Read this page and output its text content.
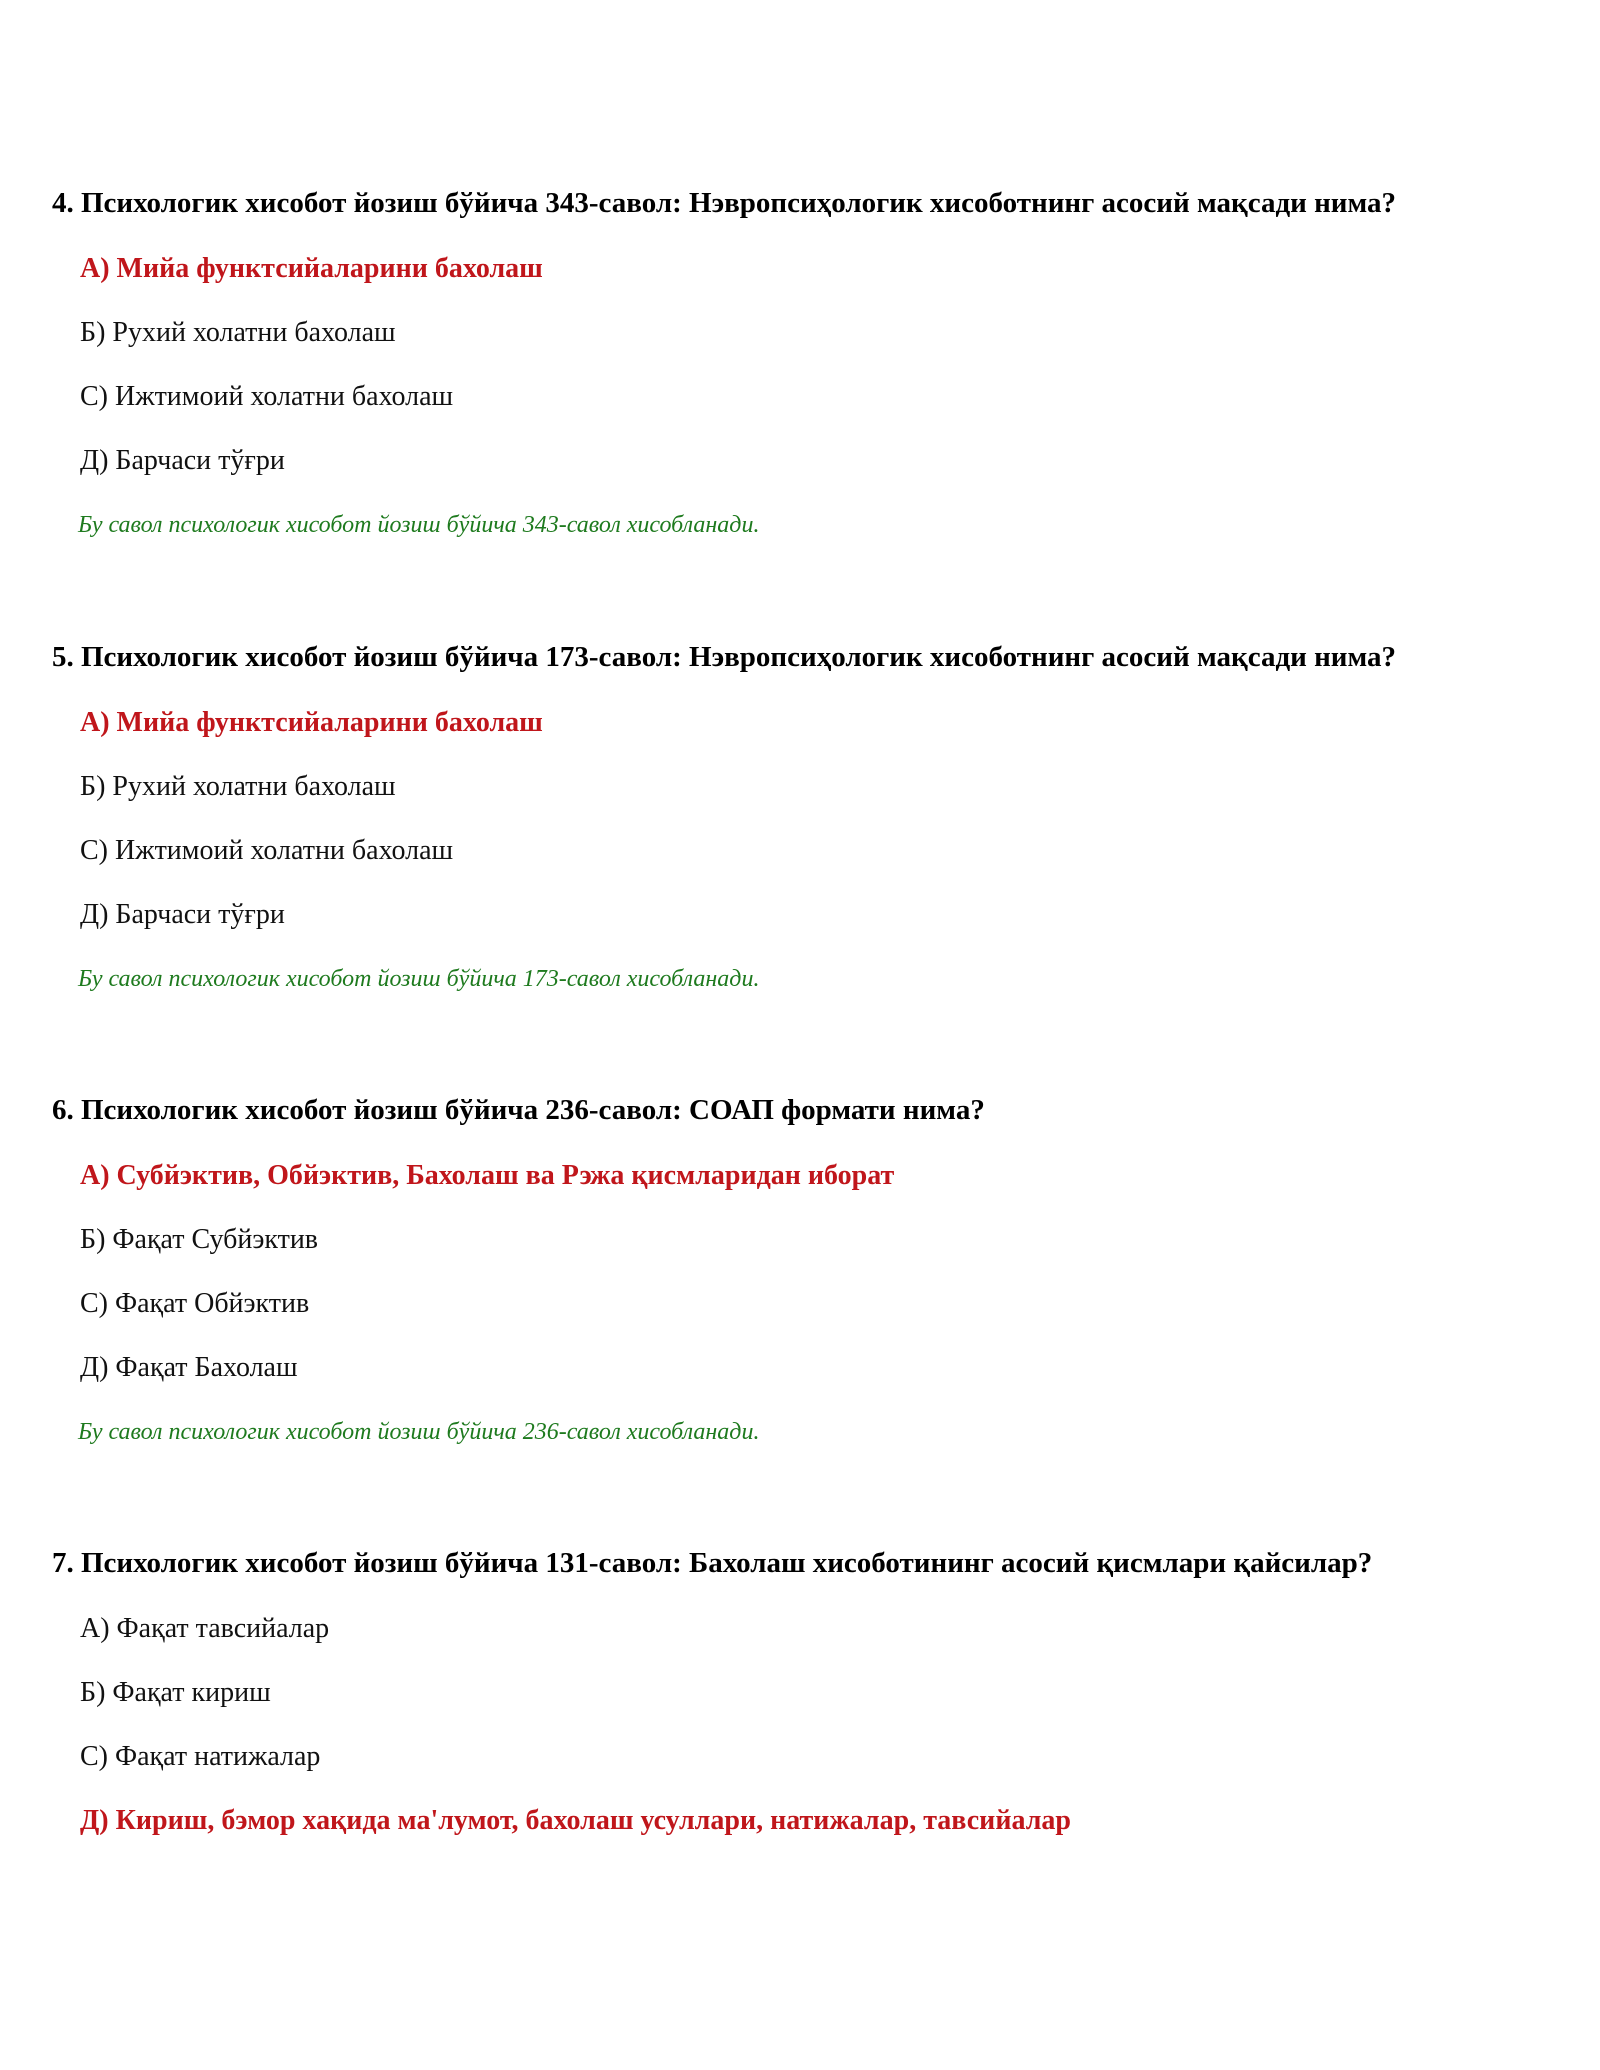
4. Психологик хисобот йозиш бўйича 343-савол: Нэвропсиҳологик хисоботнинг асосий мақсади нима?

A) Мийа функтсийаларини бахолаш

Б) Рухий холатни бахолаш

С) Ижтимоий холатни бахолаш

Д) Барчаси тўғри

Бу савол психологик хисобот йозиш бўйича 343-савол хисобланади.

5. Психологик хисобот йозиш бўйича 173-савол: Нэвропсиҳологик хисоботнинг асосий мақсади нима?

A) Мийа функтсийаларини бахолаш

Б) Рухий холатни бахолаш

С) Ижтимоий холатни бахолаш

Д) Барчаси тўғри

Бу савол психологик хисобот йозиш бўйича 173-савол хисобланади.

6. Психологик хисобот йозиш бўйича 236-савол: СОАП формати нима?

A) Субйэктив, Обйэктив, Бахолаш ва Рэжа қисмларидан иборат

Б) Фақат Субйэктив

С) Фақат Обйэктив

Д) Фақат Бахолаш

Бу савол психологик хисобот йозиш бўйича 236-савол хисобланади.

7. Психологик хисобот йозиш бўйича 131-савол: Бахолаш хисоботининг асосий қисмлари қайсилар?

A) Фақат тавсийалар

Б) Фақат кириш

С) Фақат натижалар

Д) Кириш, бэмор хақида ма'лумот, бахолаш усуллари, натижалар, тавсийалар
